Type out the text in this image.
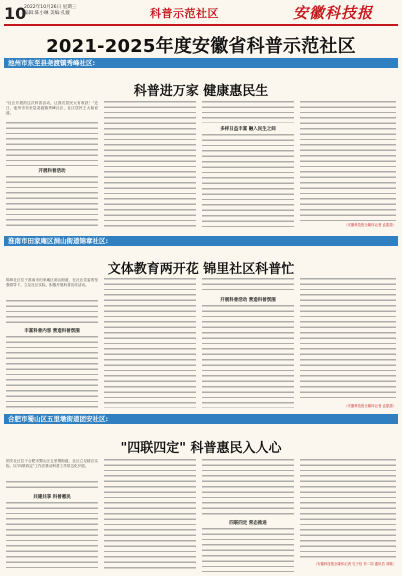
10
2022年10月26日 星期三
编辑:陈小琳 美编:孔璇	科普示范社区	安徽科技报
2021-2025年度安徽省科普示范社区
池州市东至县尧渡镇秀峰社区:
科普进万家 健康惠民生
"社区开展的这次科普活动，让我们居民大有收获！"近日，池州市东至县尧渡镇秀峰社区，社区居民王大姐说道。
开展科普活动
多样日益丰富 融入民生之间
（安徽科技报全媒体记者 孟甜甜）
淮南市田家庵区洞山街道锦章社区:
文体教育两开花 锦里社区科普忙
锦章社区位于淮南市田家庵区洞山街道，在社区党委的坚强领导下，立足社区实际，积极开展科普宣传活动。
丰富科普内容 营造科普氛围
开展科普活动 营造科普氛围
（安徽科技报全媒体记者 孟甜甜）
合肥市蜀山区五里墩街道团安社区:
"四联四定" 科普惠民入人心
团安社区位于合肥市蜀山区五里墩街道，社区立足辖区实际，以"四联四定"工作法推动科普工作常态化开展。
共建共享 科普惠民
四联四定 常态推进
（安徽科技报全媒体记者 孔子信 肖二同 通讯员 刘敬）
